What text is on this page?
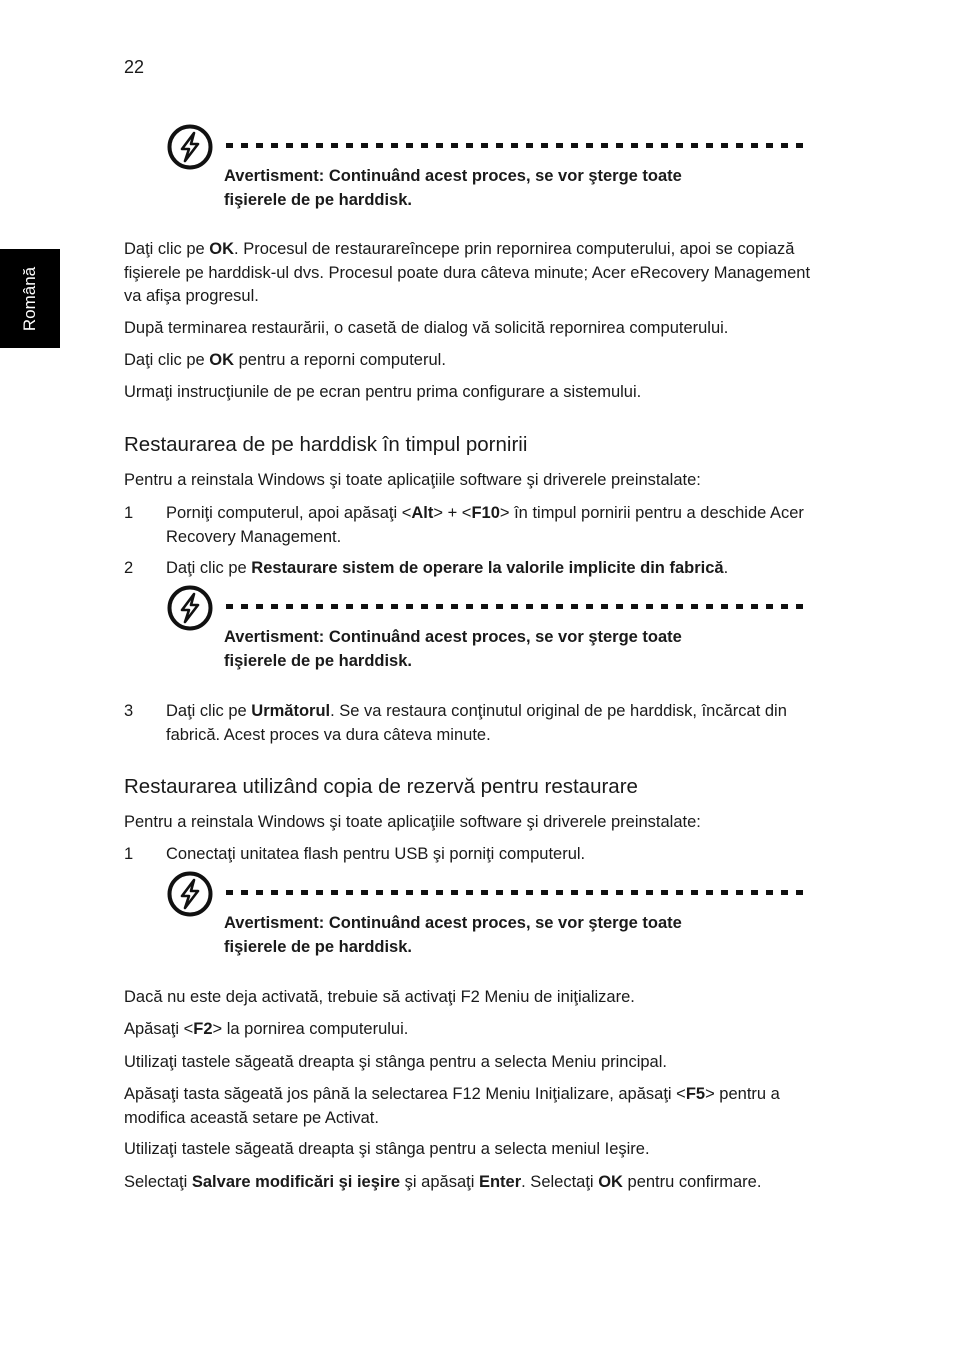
22
Română
Avertisment: Continuând acest proces, se vor şterge toate
fişierele de pe harddisk.
Daţi clic pe OK. Procesul de restaurareîncepe prin repornirea computerului, apoi se copiază fişierele pe harddisk-ul dvs. Procesul poate dura câteva minute; Acer eRecovery Management va afişa progresul.
După terminarea restaurării, o casetă de dialog vă solicită repornirea computerului.
Daţi clic pe OK pentru a reporni computerul.
Urmaţi instrucţiunile de pe ecran pentru prima configurare a sistemului.
Restaurarea de pe harddisk în timpul pornirii
Pentru a reinstala Windows şi toate aplicaţiile software şi driverele preinstalate:
1 Porniţi computerul, apoi apăsaţi <Alt> + <F10> în timpul pornirii pentru a deschide Acer Recovery Management.
2 Daţi clic pe Restaurare sistem de operare la valorile implicite din fabrică.
Avertisment: Continuând acest proces, se vor şterge toate
fişierele de pe harddisk.
3 Daţi clic pe Următorul. Se va restaura conţinutul original de pe harddisk, încărcat din fabrică. Acest proces va dura câteva minute.
Restaurarea utilizând copia de rezervă pentru restaurare
Pentru a reinstala Windows şi toate aplicaţiile software şi driverele preinstalate:
1 Conectaţi unitatea flash pentru USB şi porniţi computerul.
Avertisment: Continuând acest proces, se vor şterge toate
fişierele de pe harddisk.
Dacă nu este deja activată, trebuie să activaţi F2 Meniu de iniţializare.
Apăsaţi <F2> la pornirea computerului.
Utilizaţi tastele săgeată dreapta şi stânga pentru a selecta Meniu principal.
Apăsaţi tasta săgeată jos până la selectarea F12 Meniu Iniţializare, apăsaţi <F5> pentru a modifica această setare pe Activat.
Utilizaţi tastele săgeată dreapta şi stânga pentru a selecta meniul Ieşire.
Selectaţi Salvare modificări şi ieşire şi apăsaţi Enter. Selectaţi OK pentru confirmare.
